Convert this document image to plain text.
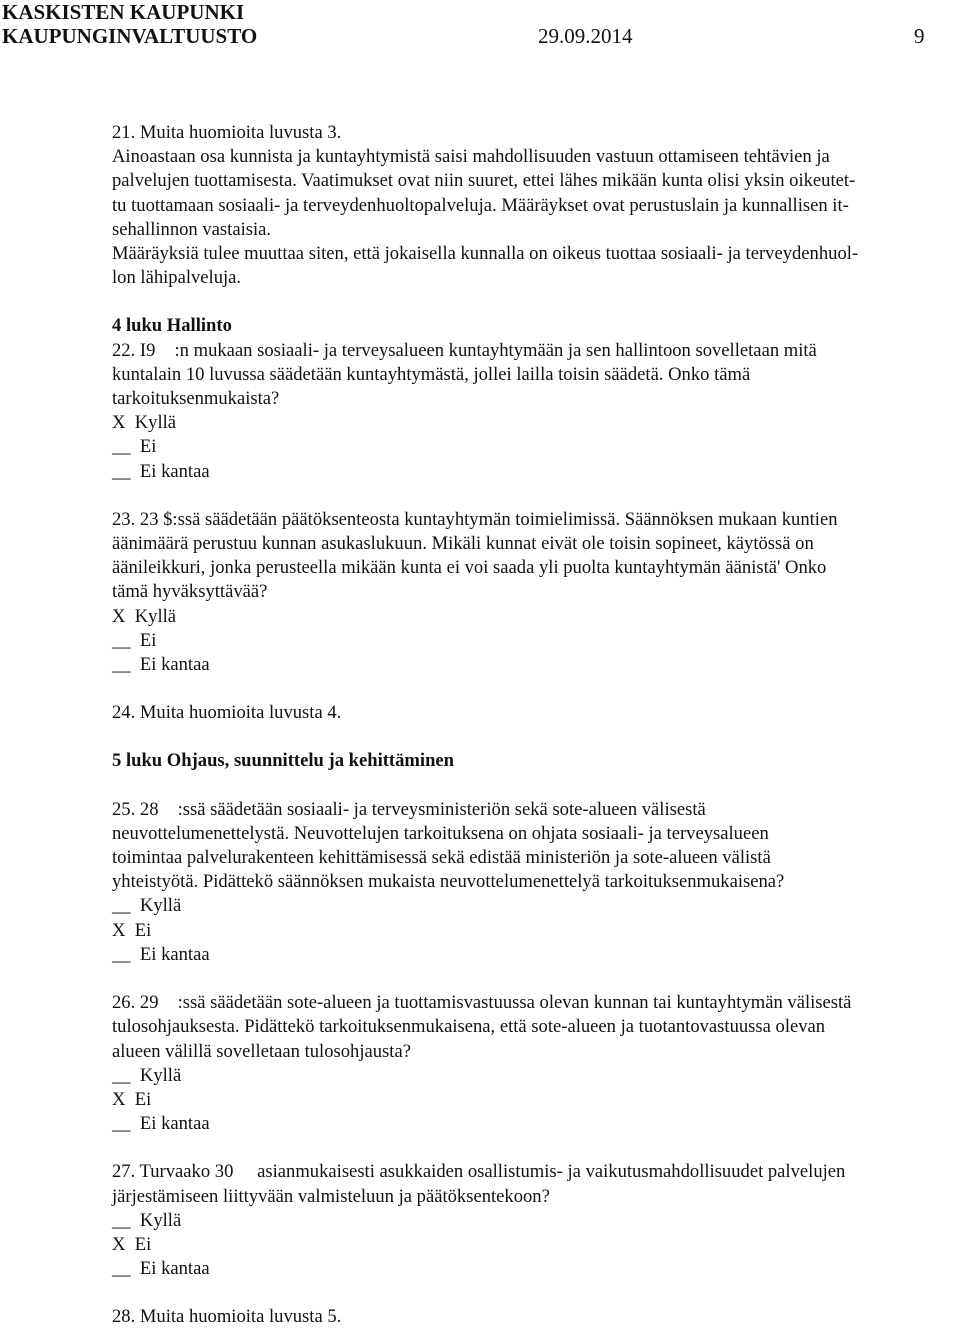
KASKISTEN KAUPUNKI
KAUPUNGINVALTUUSTO	29.09.2014	9

21. Muita huomioita luvusta 3.

Ainoastaan osa kunnista ja kuntayhtymistä saisi mahdollisuuden vastuun ottamiseen tehtävien ja

palvelujen tuottamisesta. Vaatimukset ovat niin suuret, ettei lähes mikään kunta olisi yksin oikeutet-

tu tuottamaan sosiaali- ja terveydenhuoltopalveluja. Määräykset ovat perustuslain ja kunnallisen it-

sehallinnon vastaisia.

Määräyksiä tulee muuttaa siten, että jokaisella kunnalla on oikeus tuottaa sosiaali- ja terveydenhuol-

lon lähipalveluja.

4 luku Hallinto

22. I9  :n mukaan sosiaali- ja terveysalueen kuntayhtymään ja sen hallintoon sovelletaan mitä

kuntalain 10 luvussa säädetään kuntayhtymästä, jollei lailla toisin säädetä. Onko tämä

tarkoituksenmukaista?

X  Kyllä

__  Ei

__  Ei kantaa

23. 23 $:ssä säädetään päätöksenteosta kuntayhtymän toimielimissä. Säännöksen mukaan kuntien

äänimäärä perustuu kunnan asukaslukuun. Mikäli kunnat eivät ole toisin sopineet, käytössä on

äänileikkuri, jonka perusteella mikään kunta ei voi saada yli puolta kuntayhtymän äänistä' Onko

tämä hyväksyttävää?

X  Kyllä

__  Ei

__  Ei kantaa

24. Muita huomioita luvusta 4.

5 luku Ohjaus, suunnittelu ja kehittäminen

25. 28  :ssä säädetään sosiaali- ja terveysministeriön sekä sote-alueen välisestä

neuvottelumenettelystä. Neuvottelujen tarkoituksena on ohjata sosiaali- ja terveysalueen

toimintaa palvelurakenteen kehittämisessä sekä edistää ministeriön ja sote-alueen välistä

yhteistyötä. Pidättekö säännöksen mukaista neuvottelumenettelyä tarkoituksenmukaisena?

__  Kyllä

X  Ei

__  Ei kantaa

26. 29  :ssä säädetään sote-alueen ja tuottamisvastuussa olevan kunnan tai kuntayhtymän välisestä

tulosohjauksesta. Pidättekö tarkoituksenmukaisena, että sote-alueen ja tuotantovastuussa olevan

alueen välillä sovelletaan tulosohjausta?

__  Kyllä

X  Ei

__  Ei kantaa

27. Turvaako 30   asianmukaisesti asukkaiden osallistumis- ja vaikutusmahdollisuudet palvelujen

järjestämiseen liittyvään valmisteluun ja päätöksentekoon?

__  Kyllä

X  Ei

__  Ei kantaa

28. Muita huomioita luvusta 5.
